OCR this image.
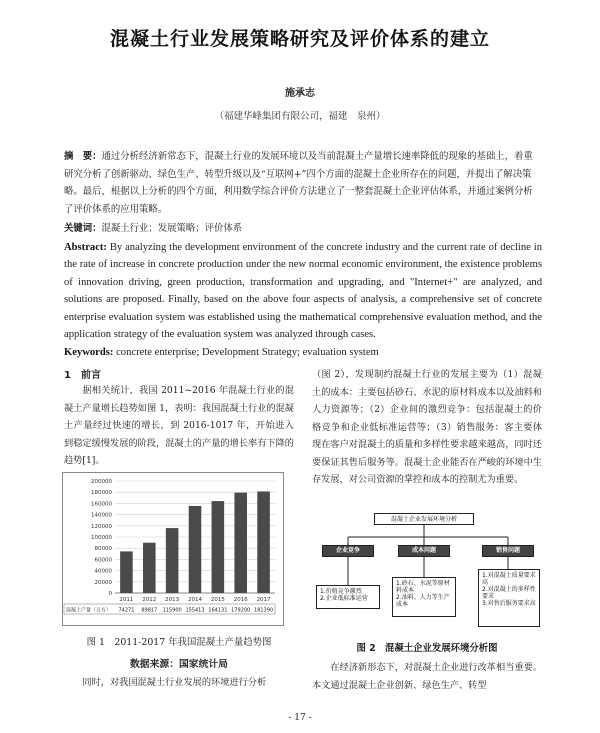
混凝土行业发展策略研究及评价体系的建立
施承志
（福建华峰集团有限公司，福建　泉州）
摘　要：通过分析经济新常态下，混凝土行业的发展环境以及当前混凝土产量增长速率降低的现象的基础上，着重研究分析了创新驱动、绿色生产、转型升级以及“互联网+”四个方面的混凝土企业所存在的问题，并提出了解决策略。最后，根据以上分析的四个方面，利用数学综合评价方法建立了一整套混凝土企业评估体系，并通过案例分析了评价体系的应用策略。
关键词：混凝土行业；发展策略；评价体系
Abstract: By analyzing the development environment of the concrete industry and the current rate of decline in the rate of increase in concrete production under the new normal economic environment, the existence problems of innovation driving, green production, transformation and upgrading, and "Internet+" are analyzed, and solutions are proposed. Finally, based on the above four aspects of analysis, a comprehensive set of concrete enterprise evaluation system was established using the mathematical comprehensive evaluation method, and the application strategy of the evaluation system was analyzed through cases.
Keywords: concrete enterprise; Development Strategy; evaluation system
1　前言
据相关统计，我国 2011~2016 年混凝土行业的混凝土产量增长趋势如图 1，表明：我国混凝土行业的混凝土产量经过快速的增长，到 2016-1017 年，开始进入到稳定缓慢发展的阶段，混凝土的产量的增长率有下降的趋势[1]。
0
20000
40000
60000
80000
100000
120000
140000
160000
180000
200000
2011 2012 2013 2014 2015 2016 2017
混凝土产量（万方） 74271 89817 115900 155413 164131 179200 181390
图 1　2011-2017 年我国混凝土产量趋势图
数据来源：国家统计局
同时，对我国混凝土行业发展的环境进行分析
（图 2），发现制约混凝土行业的发展主要为（1）混凝土的成本：主要包括砂石、水泥的原材料成本以及油料和人力资源等；（2）企业间的激烈竞争：包括混凝土的价格竞争和企业低标准运营等；（3）销售服务：客主要体现在客户对混凝土的质量和多样性要求越来越高，同时还要保证其售后服务等。混凝土企业能否在严峻的环境中生存发展，对公司资源的掌控和成本的控制尤为重要。
混凝土企业发展环境分析
企业竞争	成本问题	销售问题
1.价格竞争激烈
2.企业低标准运营
1.砂石、水泥等原材料成本
2.油料、人力等生产成本
1.对混凝土质量要求高
2.对混凝土的多样性要求
3.对售后服务要求高
图 2　混凝土企业发展环境分析图
在经济新形态下，对混凝土企业进行改革相当重要。本文通过混凝土企业创新、绿色生产、转型
- 17 -
